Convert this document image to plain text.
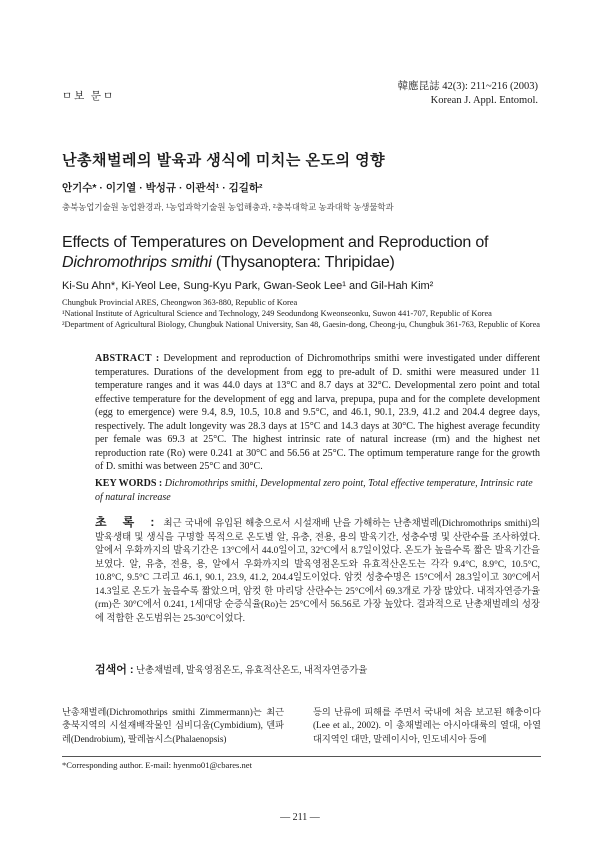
ㅁ보 문ㅁ
韓應昆誌 42(3): 211~216 (2003)
Korean J. Appl. Entomol.
난총채벌레의 발육과 생식에 미치는 온도의 영향
안기수* · 이기열 · 박성규 · 이관석¹ · 김길하²
충북농업기술원 농업환경과, ¹농업과학기술원 농업해충과, ²충북대학교 농과대학 농생물학과
Effects of Temperatures on Development and Reproduction of
Dichromothrips smithi (Thysanoptera: Thripidae)
Ki-Su Ahn*, Ki-Yeol Lee, Sung-Kyu Park, Gwan-Seok Lee¹ and Gil-Hah Kim²
Chungbuk Provincial ARES, Cheongwon 363-880, Republic of Korea
¹National Institute of Agricultural Science and Technology, 249 Seodundong Kweonseonku, Suwon 441-707, Republic of Korea
²Department of Agricultural Biology, Chungbuk National University, San 48, Gaesin-dong, Cheong-ju, Chungbuk 361-763, Republic of Korea
ABSTRACT : Development and reproduction of Dichromothrips smithi were investigated under different temperatures. Durations of the development from egg to pre-adult of D. smithi were measured under 11 temperature ranges and it was 44.0 days at 13°C and 8.7 days at 32°C. Developmental zero point and total effective temperature for the development of egg and larva, prepupa, pupa and for the complete development (egg to emergence) were 9.4, 8.9, 10.5, 10.8 and 9.5°C, and 46.1, 90.1, 23.9, 41.2 and 204.4 degree days, respectively. The adult longevity was 28.3 days at 15°C and 14.3 days at 30°C. The highest average fecundity per female was 69.3 at 25°C. The highest intrinsic rate of natural increase (rm) and the highest net reproduction rate (Ro) were 0.241 at 30°C and 56.56 at 25°C. The optimum temperature range for the growth of D. smithi was between 25°C and 30°C.
KEY WORDS : Dichromothrips smithi, Developmental zero point, Total effective temperature, Intrinsic rate of natural increase
초 록 : 최근 국내에 유입된 해충으로서 시설재배 난을 가해하는 난총채벌레(Dichromothrips smithi)의 발육생태 및 생식을 구명할 목적으로 온도별 알, 유충, 전용, 용의 발육기간, 성충수명 및 산란수를 조사하였다. 알에서 우화까지의 발육기간은 13°C에서 44.0일이고, 32°C에서 8.7일이었다. 온도가 높을수록 짧은 발육기간을 보였다. 알, 유충, 전용, 용, 알에서 우화까지의 발육영점온도와 유효적산온도는 각각 9.4°C, 8.9°C, 10.5°C, 10.8°C, 9.5°C 그리고 46.1, 90.1, 23.9, 41.2, 204.4일도이었다. 암컷 성충수명은 15°C에서 28.3일이고 30°C에서 14.3일로 온도가 높을수록 짧았으며, 암컷 한 마리당 산란수는 25°C에서 69.3개로 가장 많았다. 내적자연증가율(rm)은 30°C에서 0.241, 1세대당 순증식율(Ro)는 25°C에서 56.56로 가장 높았다. 결과적으로 난총채벌레의 성장에 적합한 온도범위는 25-30°C이었다.
검색어 : 난총채벌레, 발육영점온도, 유효적산온도, 내적자연증가율
난총채벌레(Dichromothrips smithi Zimmermann)는 최근 충북지역의 시설재배작물인 심비디움(Cymbidium), 덴파레(Dendrobium), 팔레놉시스(Phalaenopsis)
등의 난류에 피해를 주면서 국내에 처음 보고된 해충이다(Lee et al., 2002). 이 총채벌레는 아시아대륙의 열대, 아열대지역인 대만, 말레이시아, 인도네시아 등에
*Corresponding author. E-mail: hyenmo01@cbares.net
— 211 —
